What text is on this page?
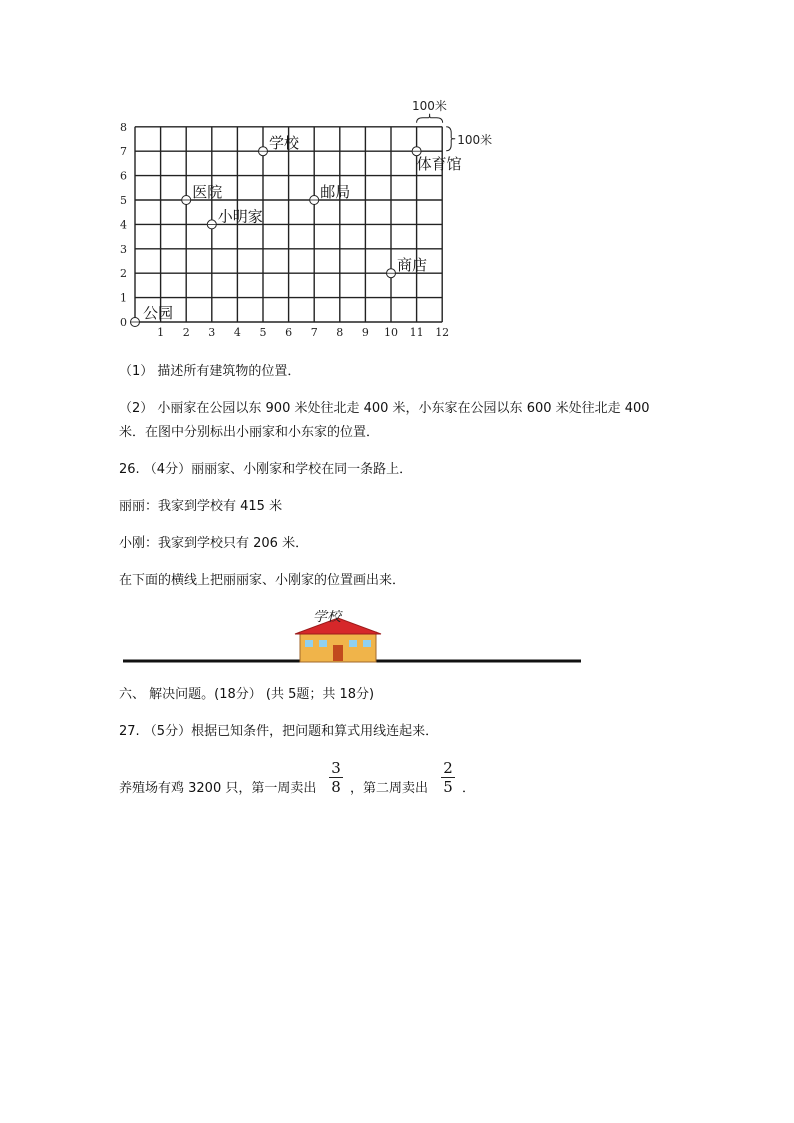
0
1
2
3
4
5
6
7
8
1 2 3 4 5 6 7 8 9 10 11 12
100米
100米
公园
医院
小明家
学校
邮局
商店
体育馆
（1） 描述所有建筑物的位置．
（2） 小丽家在公园以东 900 米处往北走 400 米，小东家在公园以东 600 米处往北走 400 米．在图中分别标出小丽家和小东家的位置．
26. （4分）丽丽家、小刚家和学校在同一条路上．
丽丽：我家到学校有 415 米
小刚：我家到学校只有 206 米．
在下面的横线上把丽丽家、小刚家的位置画出来．
学校
六、 解决问题。(18分） (共 5题；共 18分)
27. （5分）根据已知条件，把问题和算式用线连起来．
养殖场有鸡 3200 只，第一周卖出
3
8 ，第二周卖出
2
5 ．
